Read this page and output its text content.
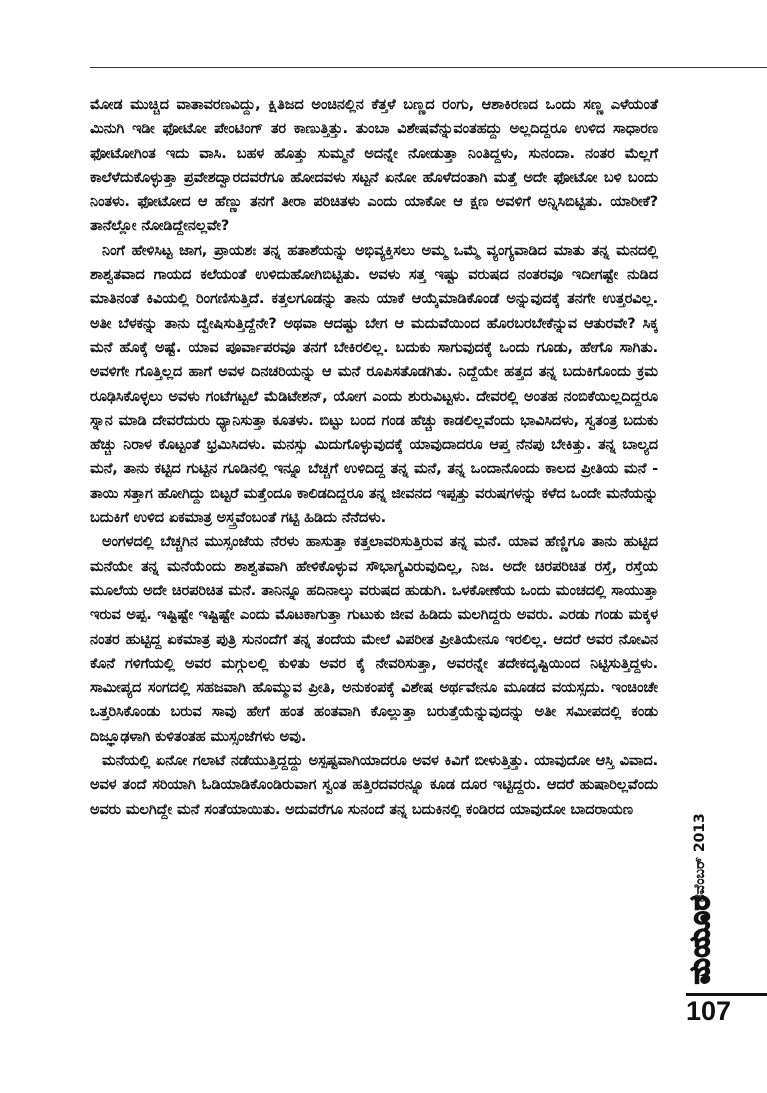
ಮೋಡ ಮುಚ್ಚಿದ ವಾತಾವರಣವಿದ್ದು, ಕ್ಷಿತಿಜದ ಅಂಚಿನಲ್ಲಿನ ಕೆತ್ತಳೆ ಬಣ್ಣದ ರಂಗು, ಆಶಾಕಿರಣದ ಒಂದು ಸಣ್ಣ ಎಳೆಯಂತೆ ಮಿನುಗಿ ಇಡೀ ಫೋಟೋ ಪೇಂಟಿಂಗ್ ತರ ಕಾಣುತ್ತಿತ್ತು. ತುಂಬಾ ವಿಶೇಷವೆನ್ನುವಂತಹದ್ದು ಅಲ್ಲದಿದ್ದರೂ ಉಳಿದ ಸಾಧಾರಣ ಫೋಟೋಗಿಂತ ಇದು ವಾಸಿ. ಬಹಳ ಹೊತ್ತು ಸುಮ್ಮನೆ ಅದನ್ನೇ ನೋಡುತ್ತಾ ನಿಂತಿದ್ದಳು, ಸುನಂದಾ. ನಂತರ ಮೆಲ್ಲಗೆ ಕಾಲೆಳೆದುಕೊಳ್ಳುತ್ತಾ ಪ್ರವೇಶದ್ವಾರದವರೆಗೂ ಹೋದವಳು ಸಟ್ಟನೆ ಏನೋ ಹೊಳೆದಂತಾಗಿ ಮತ್ತೆ ಅದೇ ಫೋಟೋ ಬಳಿ ಬಂದು ನಿಂತಳು. ಫೋಟೋದ ಆ ಹೆಣ್ಣು ತನಗೆ ತೀರಾ ಪರಿಚಿತಳು ಎಂದು ಯಾಕೋ ಆ ಕ್ಷಣ ಅವಳಿಗೆ ಅನ್ನಿಸಿಬಿಟ್ಟಿತು. ಯಾರೀಕೆ? ತಾನೆಲ್ಲೋ ನೋಡಿದ್ದೇನಲ್ಲವೇ?

ನಿಂಗೆ ಹೇಳಿಸಿಟ್ಟ ಜಾಗ, ಪ್ರಾಯಶಃ ತನ್ನ ಹತಾಶೆಯನ್ನು ಅಭಿವ್ಯಕ್ತಿಸಲು ಅಮ್ಮ ಒಮ್ಮೆ ವ್ಯಂಗ್ಯವಾಡಿದ ಮಾತು ತನ್ನ ಮನದಲ್ಲಿ ಶಾಶ್ವತವಾದ ಗಾಯದ ಕಲೆಯಂತೆ ಉಳಿದುಹೋಗಿಬಿಟ್ಟಿತು. ಅವಳು ಸತ್ತ ಇಷ್ಟು ವರುಷದ ನಂತರವೂ ಇದೀಗಷ್ಟೇ ನುಡಿದ ಮಾತಿನಂತೆ ಕಿವಿಯಲ್ಲಿ ರಿಂಗಣಿಸುತ್ತಿದೆ. ಕತ್ತಲಗೂಡನ್ನು ತಾನು ಯಾಕೆ ಆಯ್ಕೆಮಾಡಿಕೊಂಡೆ ಅನ್ನುವುದಕ್ಕೆ ತನಗೇ ಉತ್ತರವಿಲ್ಲ. ಅತೀ ಬೆಳಕನ್ನು ತಾನು ದ್ವೇಷಿಸುತ್ತಿದ್ದೆನೇ? ಅಥವಾ ಆದಷ್ಟು ಬೇಗ ಆ ಮದುವೆಯಿಂದ ಹೊರಬರಬೇಕೆನ್ನುವ ಆತುರವೇ? ಸಿಕ್ಕ ಮನೆ ಹೊಕ್ಕೆ ಅಷ್ಟೆ. ಯಾವ ಪೂರ್ವಾಪರವೂ ತನಗೆ ಬೇಕಿರಲಿಲ್ಲ. ಬದುಕು ಸಾಗುವುದಕ್ಕೆ ಒಂದು ಗೂಡು, ಹೇಗೊ ಸಾಗಿತು. ಅವಳಿಗೇ ಗೊತ್ತಿಲ್ಲದ ಹಾಗೆ ಅವಳ ದಿನಚರಿಯನ್ನು ಆ ಮನೆ ರೂಪಿಸತೊಡಗಿತು. ನಿದ್ದೆಯೇ ಹತ್ತದ ತನ್ನ ಬದುಕಿಗೊಂದು ಕ್ರಮ ರೂಢಿಸಿಕೊಳ್ಳಲು ಅವಳು ಗಂಟೆಗಟ್ಟಲೆ ಮೆಡಿಟೇಶನ್, ಯೋಗ ಎಂದು ಶುರುವಿಟ್ಟಳು. ದೇವರಲ್ಲಿ ಅಂತಹ ನಂಬಿಕೆಯಿಲ್ಲದಿದ್ದರೂ ಸ್ನಾನ ಮಾಡಿ ದೇವರೆದುರು ಧ್ಯಾನಿಸುತ್ತಾ ಕೂತಳು. ಬಿಟ್ಟು ಬಂದ ಗಂಡ ಹೆಚ್ಚು ಕಾಡಲಿಲ್ಲವೆಂದು ಭಾವಿಸಿದಳು, ಸ್ವತಂತ್ರ ಬದುಕು ಹೆಚ್ಚು ನಿರಾಳ ಕೊಟ್ಟಂತೆ ಭ್ರಮಿಸಿದಳು. ಮನಸ್ಸು ಮಿದುಗೊಳ್ಳುವುದಕ್ಕೆ ಯಾವುದಾದರೂ ಆಪ್ತ ನೆನಪು ಬೇಕಿತ್ತು. ತನ್ನ ಬಾಲ್ಯದ ಮನೆ, ತಾನು ಕಟ್ಟಿದ ಗುಟ್ಟಿನ ಗೂಡಿನಲ್ಲಿ ಇನ್ನೂ ಬೆಚ್ಚಗೆ ಉಳಿದಿದ್ದ ತನ್ನ ಮನೆ, ತನ್ನ ಒಂದಾನೊಂದು ಕಾಲದ ಪ್ರೀತಿಯ ಮನೆ - ತಾಯಿ ಸತ್ತಾಗ ಹೋಗಿದ್ದು ಬಿಟ್ಟರೆ ಮತ್ತೆಂದೂ ಕಾಲಿಡದಿದ್ದರೂ ತನ್ನ ಜೀವನದ ಇಪ್ಪತ್ತು ವರುಷಗಳನ್ನು ಕಳೆದ ಒಂದೇ ಮನೆಯನ್ನು ಬದುಕಿಗೆ ಉಳಿದ ಏಕಮಾತ್ರ ಅಸ್ತ್ರವೆಂಬಂತೆ ಗಟ್ಟಿ ಹಿಡಿದು ನೆನೆದಳು.

ಅಂಗಳದಲ್ಲಿ ಬೆಚ್ಚಗಿನ ಮುಸ್ಸಂಜೆಯ ನೆರಳು ಹಾಸುತ್ತಾ ಕತ್ತಲಾವರಿಸುತ್ತಿರುವ ತನ್ನ ಮನೆ. ಯಾವ ಹೆಣ್ಣಿಗೂ ತಾನು ಹುಟ್ಟಿದ ಮನೆಯೇ ತನ್ನ ಮನೆಯೆಂದು ಶಾಶ್ವತವಾಗಿ ಹೇಳಿಕೊಳ್ಳುವ ಸೌಭಾಗ್ಯವಿರುವುದಿಲ್ಲ, ನಿಜ. ಅದೇ ಚಿರಪರಿಚಿತ ರಸ್ತೆ, ರಸ್ತೆಯ ಮೂಲೆಯ ಅದೇ ಚಿರಪರಿಚಿತ ಮನೆ. ತಾನಿನ್ನೂ ಹದಿನಾಲ್ಕು ವರುಷದ ಹುಡುಗಿ. ಒಳಕೋಣೆಯ ಒಂದು ಮಂಚದಲ್ಲಿ ಸಾಯುತ್ತಾ ಇರುವ ಅಪ್ಪ. ಇಷ್ಟಿಷ್ಟೇ ಇಷ್ಟಿಷ್ಟೇ ಎಂದು ಮೊಟಕಾಗುತ್ತಾ ಗುಟುಕು ಜೀವ ಹಿಡಿದು ಮಲಗಿದ್ದರು ಅವರು. ಎರಡು ಗಂಡು ಮಕ್ಕಳ ನಂತರ ಹುಟ್ಟಿದ್ದ ಏಕಮಾತ್ರ ಪುತ್ರಿ ಸುನಂದೆಗೆ ತನ್ನ ತಂದೆಯ ಮೇಲೆ ವಿಪರೀತ ಪ್ರೀತಿಯೇನೂ ಇರಲಿಲ್ಲ. ಆದರೆ ಅವರ ನೋವಿನ ಕೊನೆ ಗಳಿಗೆಯಲ್ಲಿ ಅವರ ಮಗ್ಗುಲಲ್ಲಿ ಕುಳಿತು ಅವರ ಕೈ ನೇವರಿಸುತ್ತಾ, ಅವರನ್ನೇ ತದೇಕದೃಷ್ಟಿಯಿಂದ ನಿಟ್ಟಿಸುತ್ತಿದ್ದಳು. ಸಾಮೀಪ್ಯದ ಸಂಗದಲ್ಲಿ ಸಹಜವಾಗಿ ಹೊಮ್ಮುವ ಪ್ರೀತಿ, ಅನುಕಂಪಕ್ಕೆ ವಿಶೇಷ ಅರ್ಥವೇನೂ ಮೂಡದ ವಯಸ್ಸದು. ಇಂಚಿಂಚೇ ಒತ್ತರಿಸಿಕೊಂಡು ಬರುವ ಸಾವು ಹೇಗೆ ಹಂತ ಹಂತವಾಗಿ ಕೊಲ್ಲುತ್ತಾ ಬರುತ್ತೆಯೆನ್ನುವುದನ್ನು ಅತೀ ಸಮೀಪದಲ್ಲಿ ಕಂಡು ದಿಜ್ಞೂಢಳಾಗಿ ಕುಳಿತಂತಹ ಮುಸ್ಸಂಜೆಗಳು ಅವು.

ಮನೆಯಲ್ಲಿ ಏನೋ ಗಲಾಟೆ ನಡೆಯುತ್ತಿದ್ದದ್ದು ಅಸ್ಪಷ್ಟವಾಗಿಯಾದರೂ ಅವಳ ಕಿವಿಗೆ ಬೀಳುತ್ತಿತ್ತು. ಯಾವುದೋ ಆಸ್ತಿ ವಿವಾದ. ಅವಳ ತಂದೆ ಸರಿಯಾಗಿ ಓಡಿಯಾಡಿಕೊಂಡಿರುವಾಗ ಸ್ವಂತ ಹತ್ತಿರದವರನ್ನೂ ಕೂಡ ದೂರ ಇಟ್ಟಿದ್ದರು. ಆದರೆ ಹುಷಾರಿಲ್ಲವೆಂದು ಅವರು ಮಲಗಿದ್ದೇ ಮನೆ ಸಂತೆಯಾಯಿತು. ಅದುವರೆಗೂ ಸುನಂದೆ ತನ್ನ ಬದುಕಿನಲ್ಲಿ ಕಂಡಿರದ ಯಾವುದೋ ಬಾದರಾಯಣ

ನವೆಂಬರ್ 2013
ಮಯೂರ
107
